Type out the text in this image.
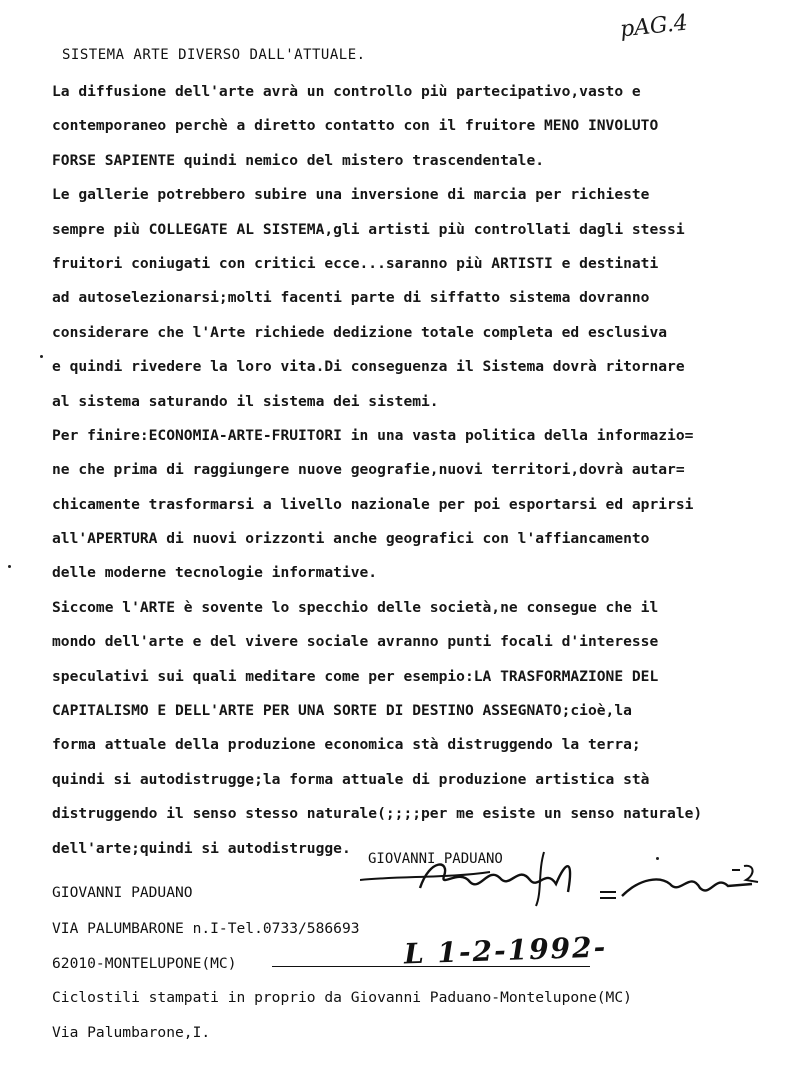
pAG.4
SISTEMA ARTE DIVERSO DALL'ATTUALE.
La diffusione dell'arte avrà un controllo più partecipativo,vasto e
contemporaneo perchè a diretto contatto con il fruitore MENO INVOLUTO
FORSE SAPIENTE quindi nemico del mistero trascendentale.
Le gallerie potrebbero subire una inversione di marcia per richieste
sempre più COLLEGATE AL SISTEMA,gli artisti più controllati dagli stessi
fruitori coniugati con critici ecce...saranno più ARTISTI e destinati
ad autoselezionarsi;molti facenti parte di siffatto sistema dovranno
considerare che l'Arte richiede dedizione totale completa ed esclusiva
e quindi rivedere la loro vita.Di conseguenza il Sistema dovrà ritornare
al sistema saturando il sistema dei sistemi.
Per finire:ECONOMIA-ARTE-FRUITORI in una vasta politica della informazio=
ne che prima di raggiungere nuove geografie,nuovi territori,dovrà autar=
chicamente trasformarsi a livello nazionale per poi esportarsi ed aprirsi
all'APERTURA di nuovi orizzonti anche geografici con l'affiancamento
delle moderne tecnologie informative.
Siccome l'ARTE è sovente lo specchio delle società,ne consegue che il
mondo dell'arte e del vivere sociale avranno punti focali d'interesse
speculativi sui quali meditare come per esempio:LA TRASFORMAZIONE DEL
CAPITALISMO E DELL'ARTE PER UNA SORTE DI DESTINO ASSEGNATO;cioè,la
forma attuale della produzione economica stà distruggendo la terra;
quindi si autodistrugge;la forma attuale di produzione artistica stà
distruggendo il senso stesso naturale(;;;;per me esiste un senso naturale)
dell'arte;quindi si autodistrugge.
GIOVANNI PADUANO
GIOVANNI PADUANO
VIA PALUMBARONE n.I-Tel.0733/586693
62010-MONTELUPONE(MC)	L 1-2-1992-
Ciclostili stampati in proprio da Giovanni Paduano-Montelupone(MC)
Via Palumbarone,I.
